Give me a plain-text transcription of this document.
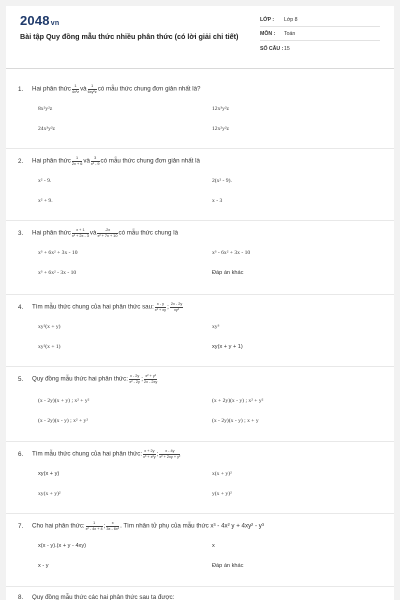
2048vn
Bài tập Quy đồng mẫu thức nhiều phân thức (có lời giải chi tiết)
LỚP : Lớp 8
MÔN : Toán
SỐ CÂU :15
1. Hai phân thức $\frac{1}{\text{4x²z}}$ và $\frac{1}{\text{6xy²z}}$ có mẫu thức chung đơn giản nhất là?
8x²y²z	12x³y²z
24x³y²z	12x²y²z
2. Hai phân thức $\frac{1}{2x + 6}$ và $\frac{3}{\text{x² - 9}}$ có mẫu thức chung đơn giản nhất là
x² - 9.	2(x² - 9).
x² + 9.	x - 3
3. Hai phân thức $\frac{x + 1}{\text{x² + 2x - 3}}$ và $\frac{-2x}{\text{x² + 7x + 10}}$ có mẫu thức chung là
x³ + 6x² + 3x - 10	x³ - 6x² + 3x - 10
x³ + 6x² - 3x - 10	Đáp án khác
4. Tìm mẫu thức chung của hai phân thức sau: $\frac{x - y}{\text{x² + xy}}$ ; $\frac{2x - 2y}{\text{xy²}}$
xy²(x + y)	xy³
xy²(x + 1)	xy(x + y + 1)
5. Quy đồng mẫu thức hai phân thức: $\frac{x - 2y}{\text{x² - 2y}}$ ; $\frac{\text{x² + y²}}{2x - 2xy}$
(x - 2y)(x + y) ; x² + y²	(x + 2y)(x - y) ; x² + y²
(x - 2y)(x - y) ; x² + y²	(x - 2y)(x - y) ; x + y
6. Tìm mẫu thức chung của hai phân thức: $\frac{x + 2y}{\text{x³ + x²y}}$ ; $\frac{x - 4y}{\text{x² + 2xy + y²}}$
xy(x + y)	x(x + y)²
xy(x + y)²	y(x + y)²
7. Cho hai phân thức: $\frac{1}{\text{x² - 4x + 4}}$ ; $\frac{x}{\text{3x - 6x²}}$ . Tìm nhân tử phụ của mẫu thức x³ - 4x² y + 4xy² - y³
x(x - y).(x + y - 4xy)	x
x - y	Đáp án khác
8. Quy đồng mẫu thức các hai phân thức sau ta được:
